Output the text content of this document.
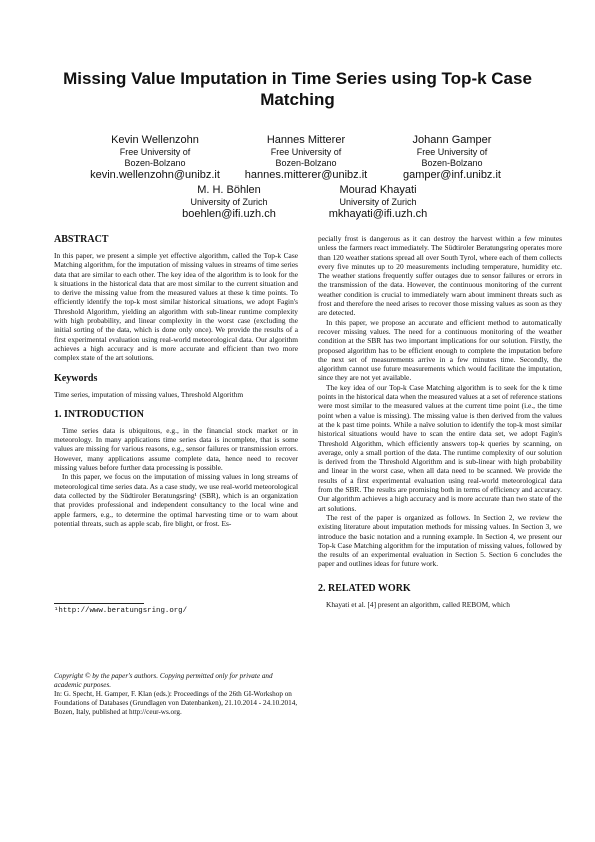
Missing Value Imputation in Time Series using Top-k Case Matching
Kevin Wellenzohn
Free University of
Bozen-Bolzano
kevin.wellenzohn@unibz.it
Hannes Mitterer
Free University of
Bozen-Bolzano
hannes.mitterer@unibz.it
Johann Gamper
Free University of
Bozen-Bolzano
gamper@inf.unibz.it
M. H. Böhlen
University of Zurich
boehlen@ifi.uzh.ch
Mourad Khayati
University of Zurich
mkhayati@ifi.uzh.ch
ABSTRACT

In this paper, we present a simple yet effective algorithm, called the Top-k Case Matching algorithm, for the imputation of missing values in streams of time series data that are similar to each other. The key idea of the algorithm is to look for the k situations in the historical data that are most similar to the current situation and to derive the missing value from the measured values at these k time points. To efficiently identify the top-k most similar historical situations, we adopt Fagin's Threshold Algorithm, yielding an algorithm with sub-linear runtime complexity with high probability, and linear complexity in the worst case (excluding the initial sorting of the data, which is done only once). We provide the results of a first experimental evaluation using real-world meteorological data. Our algorithm achieves a high accuracy and is more accurate and efficient than two more complex state of the art solutions.

Keywords

Time series, imputation of missing values, Threshold Algorithm

1. INTRODUCTION

Time series data is ubiquitous, e.g., in the financial stock market or in meteorology. In many applications time series data is incomplete, that is some values are missing for various reasons, e.g., sensor failures or transmission errors. However, many applications assume complete data, hence need to recover missing values before further data processing is possible.

In this paper, we focus on the imputation of missing values in long streams of meteorological time series data. As a case study, we use real-world meteorological data collected by the Südtiroler Beratungsring¹ (SBR), which is an organization that provides professional and independent consultancy to the local wine and apple farmers, e.g., to determine the optimal harvesting time or to warn about potential threats, such as apple scab, fire blight, or frost. Es-

¹http://www.beratungsring.org/

Copyright © by the paper's authors. Copying permitted only for private and academic purposes.

In: G. Specht, H. Gamper, F. Klan (eds.): Proceedings of the 26th GI-Workshop on Foundations of Databases (Grundlagen von Datenbanken), 21.10.2014 - 24.10.2014, Bozen, Italy, published at http://ceur-ws.org.

pecially frost is dangerous as it can destroy the harvest within a few minutes unless the farmers react immediately. The Südtiroler Beratungsring operates more than 120 weather stations spread all over South Tyrol, where each of them collects every five minutes up to 20 measurements including temperature, humidity etc. The weather stations frequently suffer outages due to sensor failures or errors in the transmission of the data. However, the continuous monitoring of the current weather condition is crucial to immediately warn about imminent threats such as frost and therefore the need arises to recover those missing values as soon as they are detected.

In this paper, we propose an accurate and efficient method to automatically recover missing values. The need for a continuous monitoring of the weather condition at the SBR has two important implications for our solution. Firstly, the proposed algorithm has to be efficient enough to complete the imputation before the next set of measurements arrive in a few minutes time. Secondly, the algorithm cannot use future measurements which would facilitate the imputation, since they are not yet available.

The key idea of our Top-k Case Matching algorithm is to seek for the k time points in the historical data when the measured values at a set of reference stations were most similar to the measured values at the current time point (i.e., the time point when a value is missing). The missing value is then derived from the values at the k past time points. While a naïve solution to identify the top-k most similar historical situations would have to scan the entire data set, we adopt Fagin's Threshold Algorithm, which efficiently answers top-k queries by scanning, on average, only a small portion of the data. The runtime complexity of our solution is derived from the Threshold Algorithm and is sub-linear with high probability and linear in the worst case, when all data need to be scanned. We provide the results of a first experimental evaluation using real-world meteorological data from the SBR. The results are promising both in terms of efficiency and accuracy. Our algorithm achieves a high accuracy and is more accurate than two state of the art solutions.

The rest of the paper is organized as follows. In Section 2, we review the existing literature about imputation methods for missing values. In Section 3, we introduce the basic notation and a running example. In Section 4, we present our Top-k Case Matching algorithm for the imputation of missing values, followed by the results of an experimental evaluation in Section 5. Section 6 concludes the paper and outlines ideas for future work.

2. RELATED WORK

Khayati et al. [4] present an algorithm, called REBOM, which
